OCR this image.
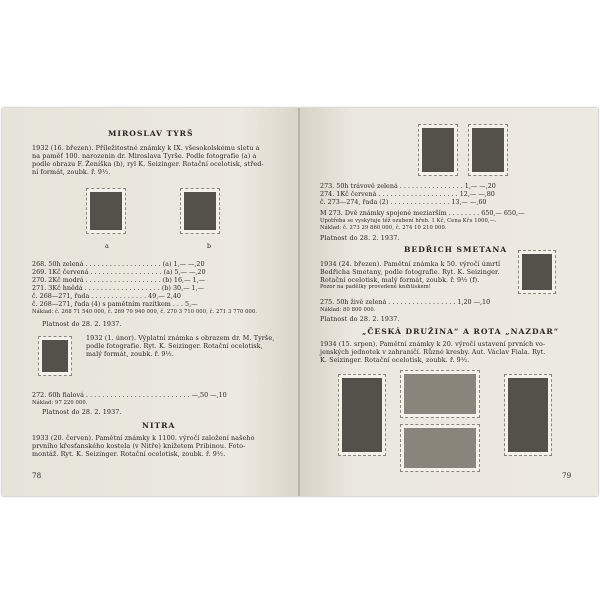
MIROSLAV TYRŠ
1932 (16. březen). Příležitostné známky k IX. všesokolskému sletu a
na paměť 100. narozenin dr. Miroslava Tyrše. Podle fotografie (a) a
podle obrazu F. Ženíška (b), ryl K. Seizinger. Rotační ocelotisk, střed-
ní formát, zoubk. ř. 9½.
a	b
268. 50h zelená . . . . . . . . . . . . . . . . . . . (a) 1,— —,20
269. 1Kč červená . . . . . . . . . . . . . . . . . . (a) 5,— —,20
270. 2Kč modrá . . . . . . . . . . . . . . . . . . . (b) 16,— 1,—
271. 3Kč hnědá . . . . . . . . . . . . . . . . . . . (b) 30,— 1,—
č. 268—271, řada . . . . . . . . . . . . . . 49,— 2,40
č. 268—271, řada (4) s pamětním razítkem . . . 5,—
Náklad: č. 268 71 540 000, č. 269 70 940 000, č. 270 3 710 000, č. 271 3 770 000.
Platnost do 28. 2. 1937.
1932 (1. únor). Výplatní známka s obrazem dr. M. Tyrše,
podle fotografie. Ryt. K. Seizinger. Rotační ocelotisk,
malý formát, zoubk. ř. 9½.
272. 60h fialová . . . . . . . . . . . . . . . . . . . . . . . . . . —,50 —,10
Náklad: 97 220 000.
Platnost do 28. 2. 1937.
NITRA
1933 (20. červen). Pamětní známky k 1100. výročí založení našeho
prvního křesťanského kostela (v Nitře) knížetem Pribinou. Foto-
montáž. Ryt. K. Seizinger. Rotační ocelotisk, zoubk. ř. 9½.
78
273. 50h trávově zelená . . . . . . . . . . . . . . . . 1,— —,20
274. 1Kč červená . . . . . . . . . . . . . . . . . . . . 12,— —,80
č. 273—274, řada (2) . . . . . . . . . . . . . . . 13,— —,60
M 273. Dvě známky spojené meziarším . . . . . . . . 650,— 650,—
Upotřeba se vyskytuje též ozubení hřeb. 1 Kč, Cena Kčs 1000,—.
Náklad: č. 273 29 860 000, č. 274 10 210 000.
Platnost do 28. 2. 1937.
BEDŘICH SMETANA
1934 (24. březen). Pamětní známka k 50. výročí úmrtí
Bedřicha Smetany, podle fotografie. Ryt. K. Seizinger.
Rotační ocelotisk, malý formát, zoubk. ř. 9½ (f).
Pozor na padělky provedené knihtiskem!
275. 50h živě zelená . . . . . . . . . . . . . . . . . 1,20 —,10
Náklad: 80 800 000.
Platnost do 28. 2. 1937.
„ČESKÁ DRUŽINA“ A ROTA „NAZDAR“
1934 (15. srpen). Pamětní známky k 20. výročí ustavení prvních vo-
jenských jednotek v zahraničí. Různé kresby. Aut. Václav Fiala. Ryt.
K. Seizinger. Rotační ocelotisk, zoubk. ř. 9½.
79
